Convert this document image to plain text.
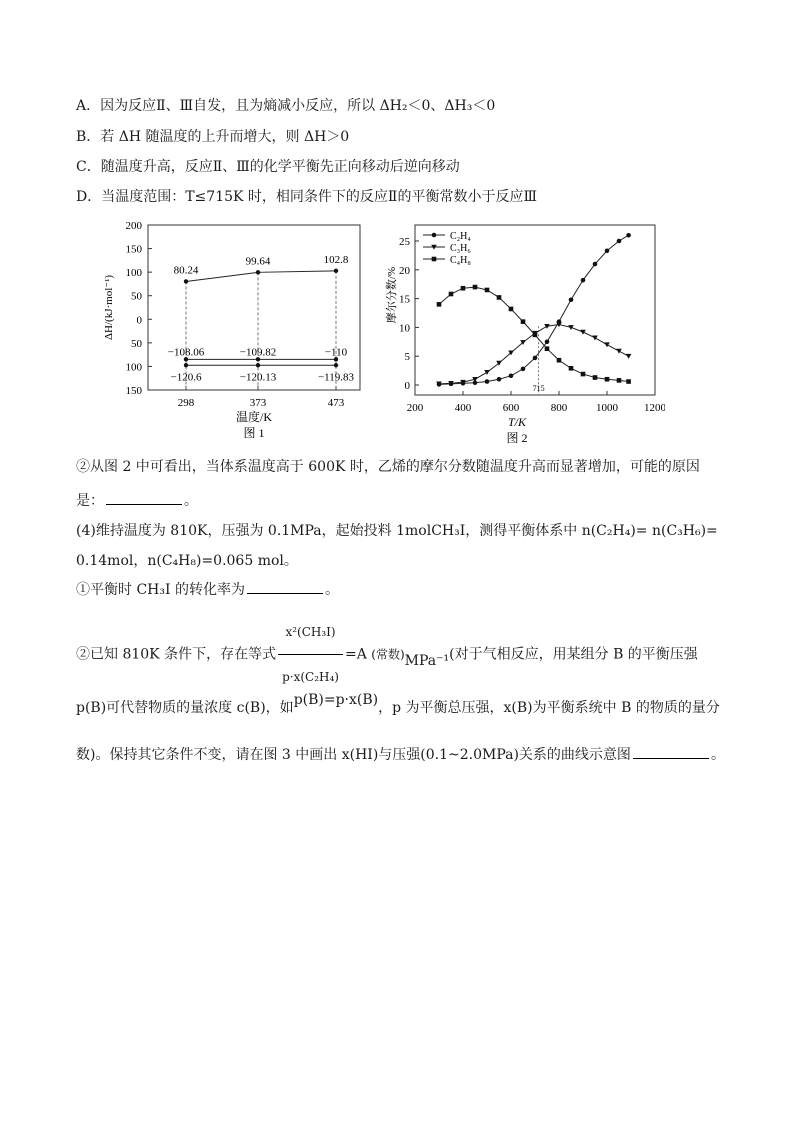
A．因为反应Ⅱ、Ⅲ自发，且为熵减小反应，所以 ΔH₂＜0、ΔH₃＜0
B．若 ΔH 随温度的上升而增大，则 ΔH＞0
C．随温度升高，反应Ⅱ、Ⅲ的化学平衡先正向移动后逆向移动
D．当温度范围：T≤715K 时，相同条件下的反应Ⅱ的平衡常数小于反应Ⅲ
200
150
100
50
0
50
100
150
298	373	473
80.24
99.64	102.8
−108.06	−109.82	−110
−120.6	−120.13	−119.83
ΔH/(kJ·mol⁻¹)
温度/K
图 1
200	400	600	800	1000 1200
0
5
10
15
20
25
715
C₂H₄
C₃H₆
C₄H₈
摩尔分数/%
T/K
图 2
②从图 2 中可看出，当体系温度高于 600K 时，乙烯的摩尔分数随温度升高而显著增加，可能的原因
是：	。
(4)维持温度为 810K，压强为 0.1MPa，起始投料 1molCH₃I，测得平衡体系中 n(C₂H₄)= n(C₃H₆)=
0.14mol，n(C₄H₈)=0.065 mol。
①平衡时 CH₃I 的转化率为	。
②已知 810K 条件下，存在等式 $\frac{\text{x²(CH₃I)}}{\text{p·x(C₂H₄)}} =A$ (常数)MPa⁻¹(对于气相反应，用某组分 B 的平衡压强
p(B)可代替物质的量浓度 c(B)，如p(B)=p·x(B)，p 为平衡总压强，x(B)为平衡系统中 B 的物质的量分
数)。保持其它条件不变，请在图 3 中画出 x(HI)与压强(0.1~2.0MPa)关系的曲线示意图	。
